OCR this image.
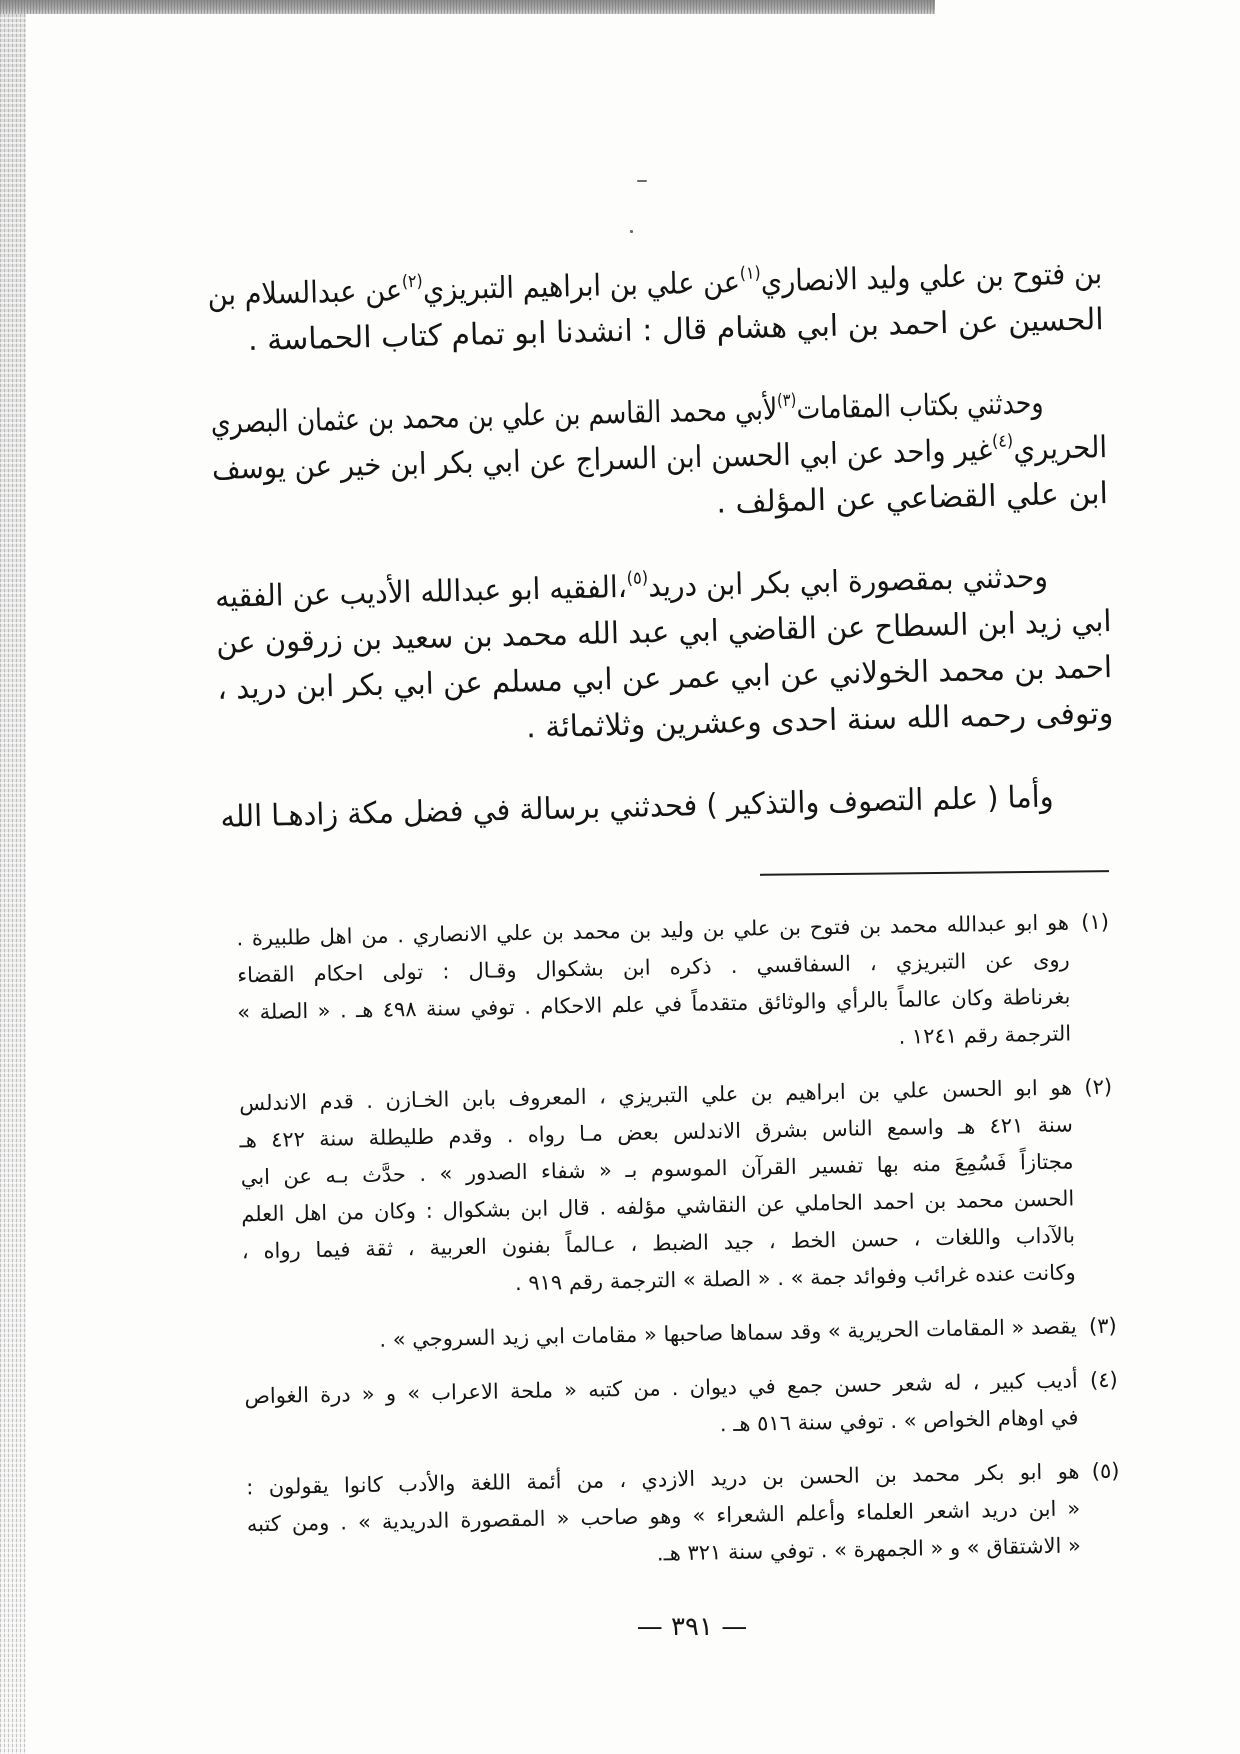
بن فتوح بن علي وليد الانصاري$^{(١)}$عن علي بن ابراهيم التبريزي$^{(٢)}$عن عبدالسلام بن
الحسين عن احمد بن ابي هشام قال : انشدنا ابو تمام كتاب الحماسة .
وحدثني بكتاب المقامات$^{(٣)}$لأبي محمد القاسم بن علي بن محمد بن عثمان البصري
الحريري$^{(٤)}$غير واحد عن ابي الحسن ابن السراج عن ابي بكر ابن خير عن يوسف
ابن علي القضاعي عن المؤلف .
وحدثني بمقصورة ابي بكر ابن دريد$^{(٥)}$،الفقيه ابو عبدالله الأديب عن الفقيه
ابي زيد ابن السطاح عن القاضي ابي عبد الله محمد بن سعيد بن زرقون عن
احمد بن محمد الخولاني عن ابي عمر عن ابي مسلم عن ابي بكر ابن دريد ،
وتوفى رحمه الله سنة احدى وعشرين وثلاثمائة .
وأما ( علم التصوف والتذكير ) فحدثني برسالة في فضل مكة زادهـا الله
(١)
هو ابو عبدالله محمد بن فتوح بن علي بن وليد بن محمد بن علي الانصاري . من اهل طلبيرة .
روى عن التبريزي ، السفاقسي . ذكره ابن بشكوال وقـال : تولى احكام القضاء
بغرناطة وكان عالماً بالرأي والوثائق متقدماً في علم الاحكام . توفي سنة ٤٩٨ هـ . « الصلة »
الترجمة رقم ١٢٤١ .
(٢)
هو ابو الحسن علي بن ابراهيم بن علي التبريزي ، المعروف بابن الخـازن . قدم الاندلس
سنة ٤٢١ هـ واسمع الناس بشرق الاندلس بعض مـا رواه . وقدم طليطلة سنة ٤٢٢ هـ
مجتازاً فَسُمِعَ منه بها تفسير القرآن الموسوم بـ « شفاء الصدور » . حدَّث بـه عن ابي
الحسن محمد بن احمد الحاملي عن النقاشي مؤلفه . قال ابن بشكوال : وكان من اهل العلم
بالآداب واللغات ، حسن الخط ، جيد الضبط ، عـالماً بفنون العربية ، ثقة فيما رواه ،
وكانت عنده غرائب وفوائد جمة » . « الصلة » الترجمة رقم ٩١٩ .
(٣)
يقصد « المقامات الحريرية » وقد سماها صاحبها « مقامات ابي زيد السروجي » .
(٤)
أديب كبير ، له شعر حسن جمع في ديوان . من كتبه « ملحة الاعراب » و « درة الغواص
في اوهام الخواص » . توفي سنة ٥١٦ هـ .
(٥)
هو ابو بكر محمد بن الحسن بن دريد الازدي ، من أئمة اللغة والأدب كانوا يقولون :
« ابن دريد اشعر العلماء وأعلم الشعراء » وهو صاحب « المقصورة الدريدية » . ومن كتبه
« الاشتقاق » و « الجمهرة » . توفي سنة ٣٢١ هـ.
— ٣٩١ —
